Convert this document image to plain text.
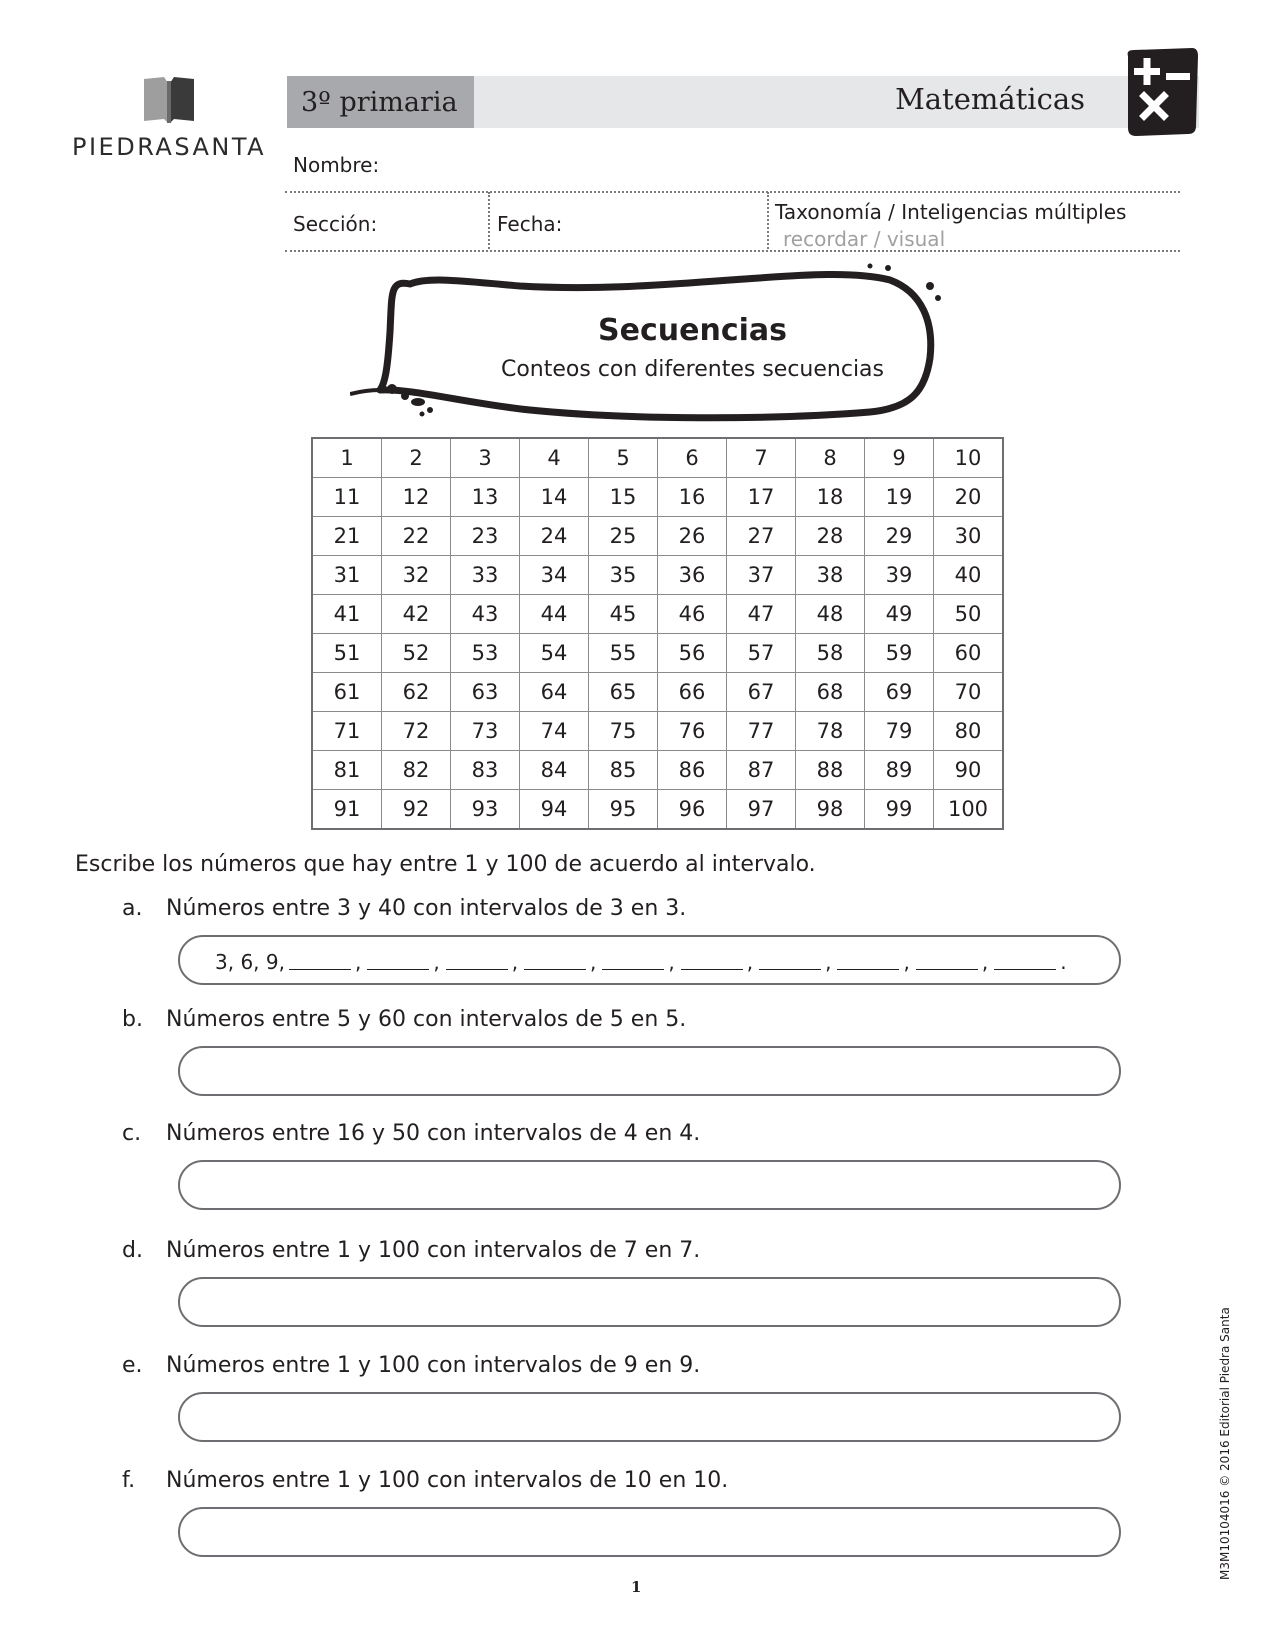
PIEDRASANTA
3º primaria	Matemáticas
Nombre:
Sección:	Fecha:	Taxonomía / Inteligencias múltiples
recordar / visual
Secuencias
Conteos con diferentes secuencias
1	2	3	4	5	6	7	8	9	10
11	12	13	14	15	16	17	18	19	20
21	22	23	24	25	26	27	28	29	30
31	32	33	34	35	36	37	38	39	40
41	42	43	44	45	46	47	48	49	50
51	52	53	54	55	56	57	58	59	60
61	62	63	64	65	66	67	68	69	70
71	72	73	74	75	76	77	78	79	80
81	82	83	84	85	86	87	88	89	90
91	92	93	94	95	96	97	98	99	100
Escribe los números que hay entre 1 y 100 de acuerdo al intervalo.
a. Números entre 3 y 40 con intervalos de 3 en 3.
3, 6, 9,	,	,	,	,	,	,	,	,	,	.
b. Números entre 5 y 60 con intervalos de 5 en 5.
c. Números entre 16 y 50 con intervalos de 4 en 4.
d. Números entre 1 y 100 con intervalos de 7 en 7.
e. Números entre 1 y 100 con intervalos de 9 en 9.
f. Números entre 1 y 100 con intervalos de 10 en 10.
1
M3M10104016 © 2016 Editorial Piedra Santa
